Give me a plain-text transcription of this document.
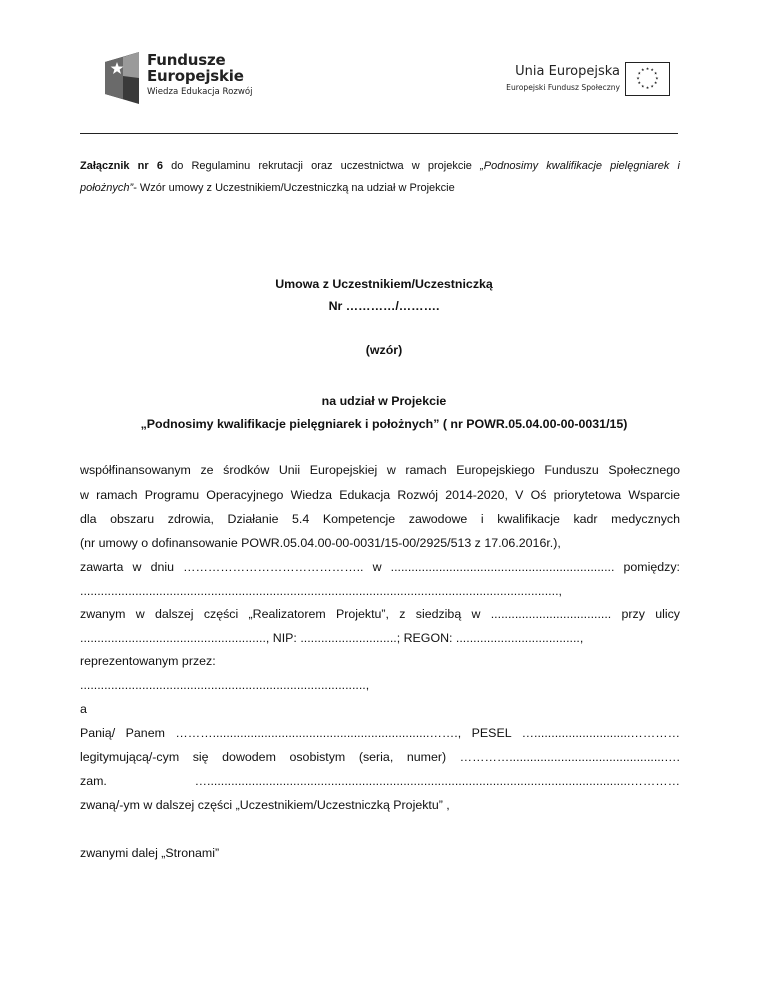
Fundusze
Europejskie
Wiedza Edukacja Rozwój
Unia Europejska
Europejski Fundusz Społeczny
★ ★
★
★
★
★
★
★
★
★
★
★
Załącznik nr 6 do Regulaminu rekrutacji oraz uczestnictwa w projekcie „Podnosimy kwalifikacje pielęgniarek i
położnych”- Wzór umowy z Uczestnikiem/Uczestniczką na udział w Projekcie
Umowa z Uczestnikiem/Uczestniczką
Nr …………/……….
(wzór)
na udział w Projekcie
„Podnosimy kwalifikacje pielęgniarek i położnych” ( nr POWR.05.04.00-00-0031/15)
współfinansowanym ze środków Unii Europejskiej w ramach Europejskiego Funduszu Społecznego
w ramach Programu Operacyjnego Wiedza Edukacja Rozwój 2014-2020, V Oś priorytetowa Wsparcie
dla obszaru zdrowia, Działanie 5.4 Kompetencje zawodowe i kwalifikacje kadr medycznych
(nr umowy o dofinansowanie POWR.05.04.00-00-0031/15-00/2925/513 z 17.06.2016r.),
zawarta w dniu …………………………………….. w ................................................................. pomiędzy:
...........................................................................................................................................,
zwanym w dalszej części „Realizatorem Projektu”, z siedzibą w ................................... przy ulicy
......................................................, NIP: ............................; REGON: ....................................,
reprezentowanym przez:
...................................................................................,
a
Panią/ Panem ………...............................................................……., PESEL …............................…………
legitymującą/-cym się dowodem osobistym (seria, numer) ………….............................................….
zam. …...........................................................................................................................…………
zwaną/-ym w dalszej części „Uczestnikiem/Uczestniczką Projektu” ,
zwanymi dalej „Stronami”
